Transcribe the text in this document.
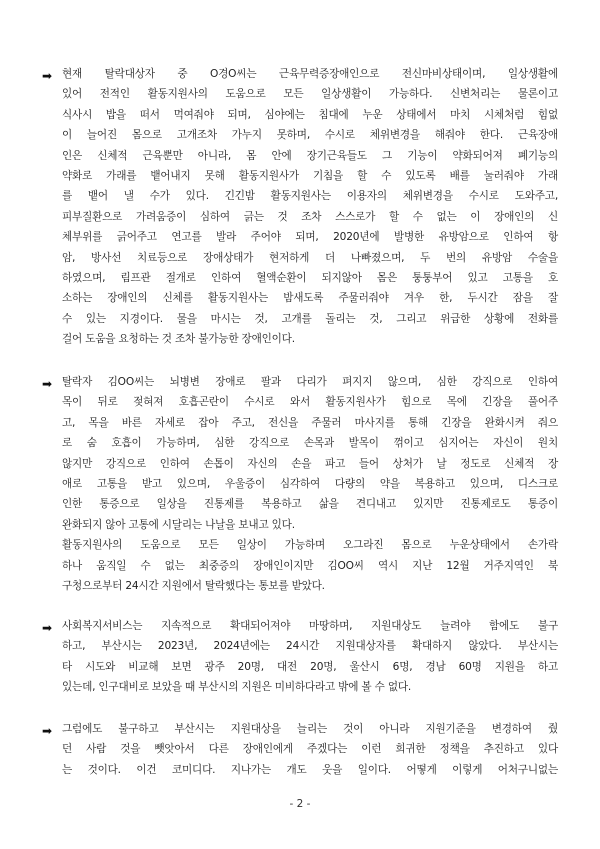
➡ 현재 탈락대상자 중 O경O씨는 근육무력증장애인으로 전신마비상태이며, 일상생활에
있어 전적인 활동지원사의 도움으로 모든 일상생활이 가능하다. 신변처리는 물론이고
식사시 밥을 떠서 먹여줘야 되며, 심야에는 침대에 누운 상태에서 마치 시체처럼 힘없
이 늘어진 몸으로 고개조차 가누지 못하며, 수시로 체위변경을 해줘야 한다. 근육장애
인은 신체적 근육뿐만 아니라, 몸 안에 장기근육들도 그 기능이 약화되어져 폐기능의
약화로 가래를 뱉어내지 못해 활동지원사가 기침을 할 수 있도록 배를 눌러줘야 가래
를 뱉어 낼 수가 있다. 긴긴밤 활동지원사는 이용자의 체위변경을 수시로 도와주고,
피부질환으로 가려움증이 심하여 긁는 것 조차 스스로가 할 수 없는 이 장애인의 신
체부위를 긁어주고 연고를 발라 주어야 되며, 2020년에 발병한 유방암으로 인하여 항
암, 방사선 치료등으로 장애상태가 현저하게 더 나빠졌으며, 두 번의 유방암 수술을
하였으며, 림프관 절개로 인하여 혈액순환이 되지않아 몸은 퉁퉁부어 있고 고통을 호
소하는 장애인의 신체를 활동지원사는 밤새도록 주물러줘야 겨우 한, 두시간 잠을 잘
수 있는 지경이다. 물을 마시는 것, 고개를 돌리는 것, 그리고 위급한 상황에 전화를
걸어 도움을 요청하는 것 조차 불가능한 장애인이다.
➡ 탈락자 김OO씨는 뇌병변 장애로 팔과 다리가 펴지지 않으며, 심한 강직으로 인하여
목이 뒤로 젖혀져 호흡곤란이 수시로 와서 활동지원사가 힘으로 목에 긴장을 풀어주
고, 목을 바른 자세로 잡아 주고, 전신을 주물러 마사지를 통해 긴장을 완화시켜 줘으
로 숨 호흡이 가능하며, 심한 강직으로 손목과 발목이 꺾이고 심지어는 자신이 원치
않지만 강직으로 인하여 손톱이 자신의 손을 파고 들어 상처가 날 정도로 신체적 장
애로 고통을 받고 있으며, 우울증이 심각하여 다량의 약을 복용하고 있으며, 디스크로
인한 통증으로 일상을 진통제를 복용하고 삶을 견디내고 있지만 진통제로도 통증이
완화되지 않아 고통에 시달리는 나날을 보내고 있다.
활동지원사의 도움으로 모든 일상이 가능하며 오그라진 몸으로 누운상태에서 손가락
하나 움직일 수 없는 최중증의 장애인이지만 김OO씨 역시 지난 12월 거주지역인 북
구청으로부터 24시간 지원에서 탈락했다는 통보를 받았다.
➡ 사회복지서비스는 지속적으로 확대되어져야 마땅하며, 지원대상도 늘려야 함에도 불구
하고, 부산시는 2023년, 2024년에는 24시간 지원대상자를 확대하지 않았다. 부산시는
타 시도와 비교해 보면 광주 20명, 대전 20명, 울산시 6명, 경남 60명 지원을 하고
있는데, 인구대비로 보았을 때 부산시의 지원은 미비하다라고 밖에 볼 수 없다.
➡ 그럼에도 불구하고 부산시는 지원대상을 늘리는 것이 아니라 지원기준을 변경하여 줬
던 사람 것을 뺏앗아서 다른 장애인에게 주겠다는 이런 희귀한 정책을 추진하고 있다
는 것이다. 이건 코미디다. 지나가는 개도 웃을 일이다. 어떻게 이렇게 어처구니없는
- 2 -
